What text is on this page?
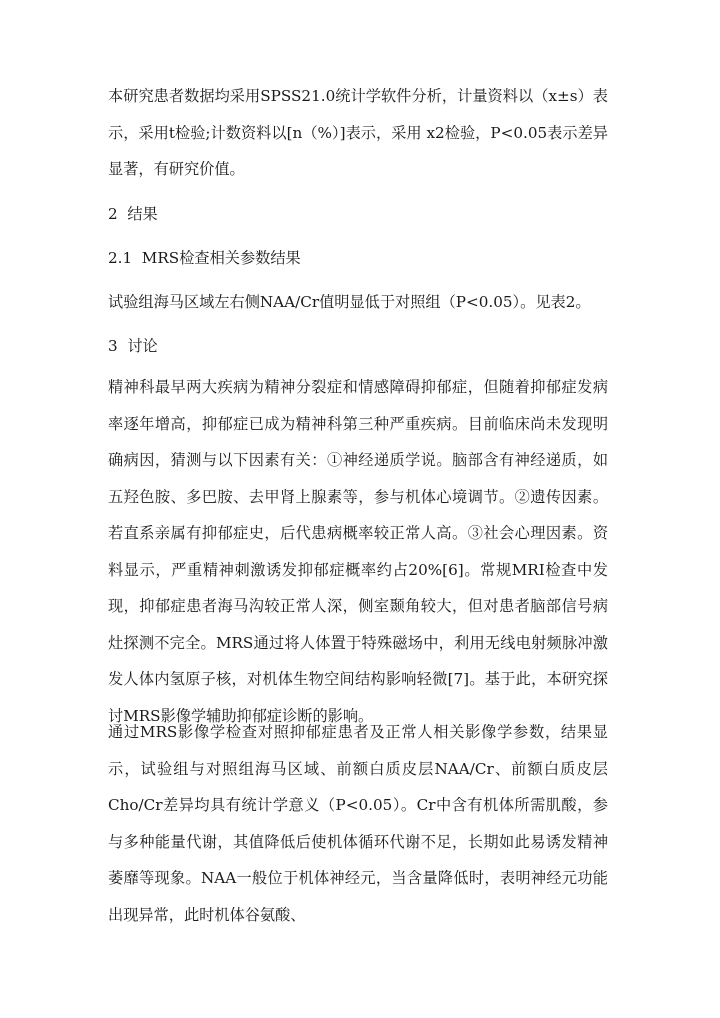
本研究患者数据均采用SPSS21.0统计学软件分析，计量资料以（x±s）表示，采用t检验;计数资料以[n（%）]表示，采用 x2检验，P<0.05表示差异显著，有研究价值。

2  结果
2.1  MRS检查相关参数结果

试验组海马区域左右侧NAA/Cr值明显低于对照组（P<0.05）。见表2。

3  讨论

精神科最早两大疾病为精神分裂症和情感障碍抑郁症，但随着抑郁症发病率逐年增高，抑郁症已成为精神科第三种严重疾病。目前临床尚未发现明确病因，猜测与以下因素有关：①神经递质学说。脑部含有神经递质，如五羟色胺、多巴胺、去甲肾上腺素等，参与机体心境调节。②遗传因素。若直系亲属有抑郁症史，后代患病概率较正常人高。③社会心理因素。资料显示，严重精神刺激诱发抑郁症概率约占20%[6]。常规MRI检查中发现，抑郁症患者海马沟较正常人深，侧室颞角较大，但对患者脑部信号病灶探测不完全。MRS通过将人体置于特殊磁场中，利用无线电射频脉冲激发人体内氢原子核，对机体生物空间结构影响轻微[7]。基于此，本研究探讨MRS影像学辅助抑郁症诊断的影响。

通过MRS影像学检查对照抑郁症患者及正常人相关影像学参数，结果显示，试验组与对照组海马区域、前额白质皮层NAA/Cr、前额白质皮层Cho/Cr差异均具有统计学意义（P<0.05）。Cr中含有机体所需肌酸，参与多种能量代谢，其值降低后使机体循环代谢不足，长期如此易诱发精神萎靡等现象。NAA一般位于机体神经元，当含量降低时，表明神经元功能出现异常，此时机体谷氨酸、
